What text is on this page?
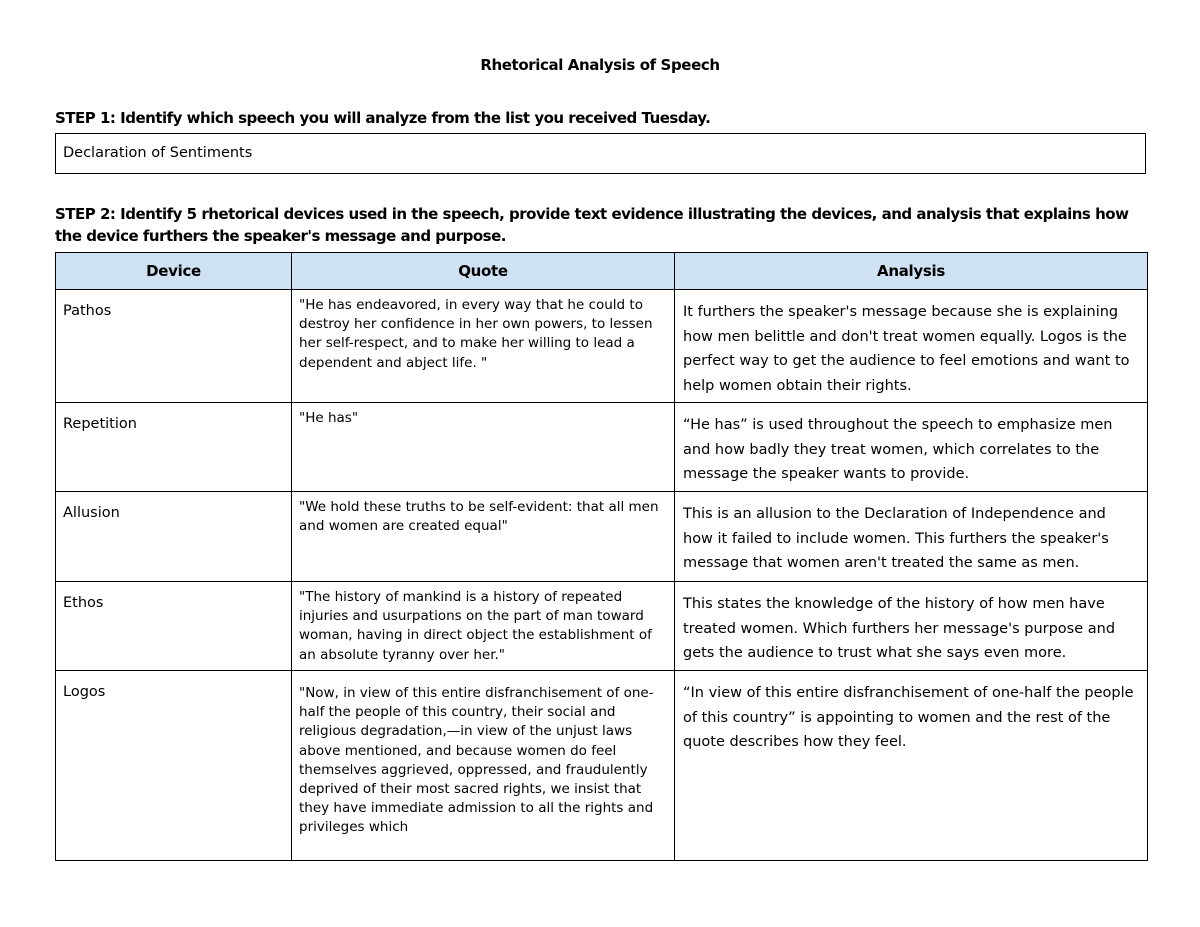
Rhetorical Analysis of Speech
STEP 1: Identify which speech you will analyze from the list you received Tuesday.
Declaration of Sentiments
STEP 2: Identify 5 rhetorical devices used in the speech, provide text evidence illustrating the devices, and analysis that explains how the device furthers the speaker's message and purpose.
Device	Quote	Analysis
Pathos	"He has endeavored, in every way that he could to destroy her confidence in her own powers, to lessen her self-respect, and to make her willing to lead a dependent and abject life. "	It furthers the speaker's message because she is explaining how men belittle and don't treat women equally. Logos is the perfect way to get the audience to feel emotions and want to help women obtain their rights.
Repetition	"He has"	“He has” is used throughout the speech to emphasize men and how badly they treat women, which correlates to the message the speaker wants to provide.
Allusion	"We hold these truths to be self-evident: that all men and women are created equal"	This is an allusion to the Declaration of Independence and how it failed to include women. This furthers the speaker's message that women aren't treated the same as men.
Ethos	"The history of mankind is a history of repeated injuries and usurpations on the part of man toward woman, having in direct object the establishment of an absolute tyranny over her."	This states the knowledge of the history of how men have treated women. Which furthers her message's purpose and gets the audience to trust what she says even more.
Logos	"Now, in view of this entire disfranchisement of one-half the people of this country, their social and religious degradation,—in view of the unjust laws above mentioned, and because women do feel themselves aggrieved, oppressed, and fraudulently deprived of their most sacred rights, we insist that they have immediate admission to all the rights and privileges which	“In view of this entire disfranchisement of one-half the people of this country” is appointing to women and the rest of the quote describes how they feel.
